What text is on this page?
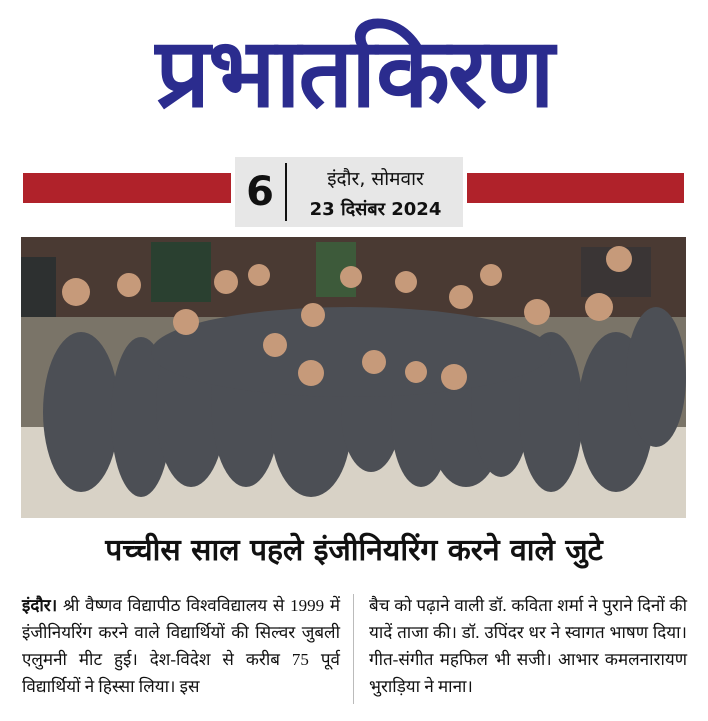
प्रभातकिरण
6	इंदौर, सोमवार
23 दिसंबर 2024
पच्चीस साल पहले इंजीनियरिंग करने वाले जुटे
इंदौर। श्री वैष्णव विद्यापीठ विश्वविद्यालय से 1999 में इंजीनियरिंग करने वाले विद्यार्थियों की सिल्वर जुबली एलुमनी मीट हुई। देश-विदेश से करीब 75 पूर्व विद्यार्थियों ने हिस्सा लिया। इस
बैच को पढ़ाने वाली डॉ. कविता शर्मा ने पुराने दिनों की यादें ताजा की। डॉ. उपिंदर धर ने स्वागत भाषण दिया। गीत-संगीत महफिल भी सजी। आभार कमलनारायण भुराड़िया ने माना।
